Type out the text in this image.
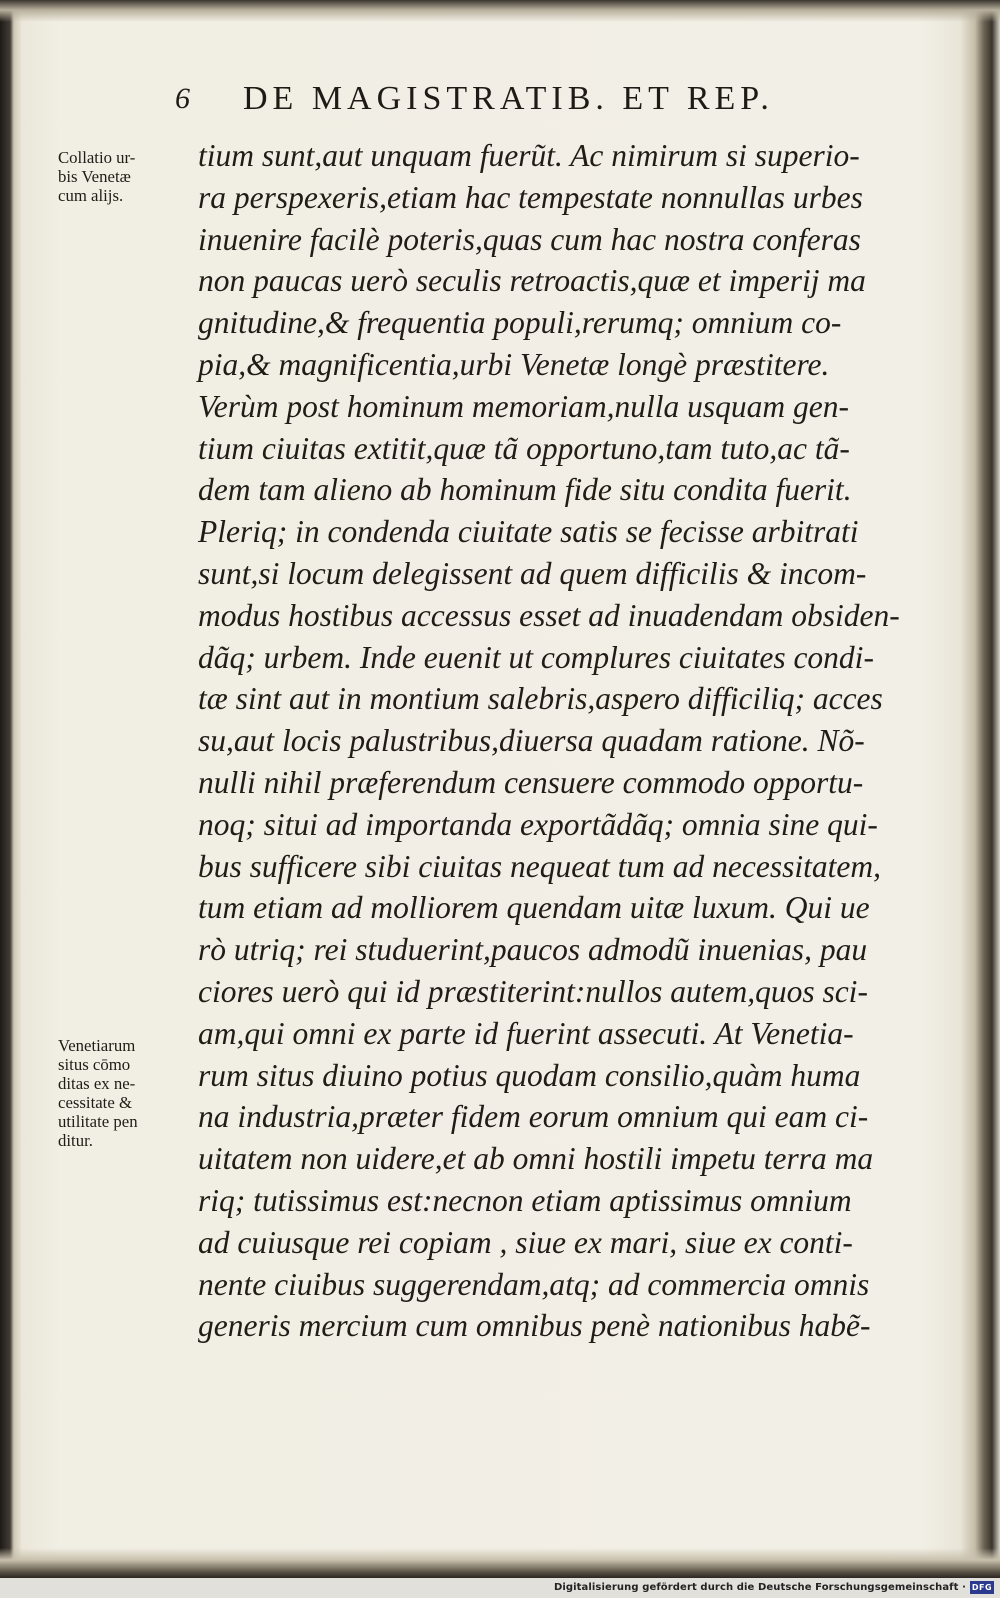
6 DE MAGISTRATIB. ET REP.
Collatio ur-
bis Venetæ
cum alijs.
Venetiarum
situs cōmo
ditas ex ne-
cessitate &
utilitate pen
ditur.
tium sunt,aut unquam fuerũt. Ac nimirum si superio-
ra perspexeris,etiam hac tempestate nonnullas urbes
inuenire facilè poteris,quas cum hac nostra conferas
non paucas uerò seculis retroactis,quæ et imperij ma
gnitudine,& frequentia populi,rerumq; omnium co-
pia,& magnificentia,urbi Venetæ longè præstitere.
Verùm post hominum memoriam,nulla usquam gen-
tium ciuitas extitit,quæ tã opportuno,tam tuto,ac tã-
dem tam alieno ab hominum fide situ condita fuerit.
Pleriq; in condenda ciuitate satis se fecisse arbitrati
sunt,si locum delegissent ad quem difficilis & incom-
modus hostibus accessus esset ad inuadendam obsiden-
dãq; urbem. Inde euenit ut complures ciuitates condi-
tæ sint aut in montium salebris,aspero difficiliq; acces
su,aut locis palustribus,diuersa quadam ratione. Nõ-
nulli nihil præferendum censuere commodo opportu-
noq; situi ad importanda exportãdãq; omnia sine qui-
bus sufficere sibi ciuitas nequeat tum ad necessitatem,
tum etiam ad molliorem quendam uitæ luxum. Qui ue
rò utriq; rei studuerint,paucos admodũ inuenias, pau
ciores uerò qui id præstiterint:nullos autem,quos sci-
am,qui omni ex parte id fuerint assecuti. At Venetia-
rum situs diuino potius quodam consilio,quàm huma
na industria,præter fidem eorum omnium qui eam ci-
uitatem non uidere,et ab omni hostili impetu terra ma
riq; tutissimus est:necnon etiam aptissimus omnium
ad cuiusque rei copiam , siue ex mari, siue ex conti-
nente ciuibus suggerendam,atq; ad commercia omnis
generis mercium cum omnibus penè nationibus habẽ-
Digitalisierung gefördert durch die Deutsche Forschungsgemeinschaft · DFG
